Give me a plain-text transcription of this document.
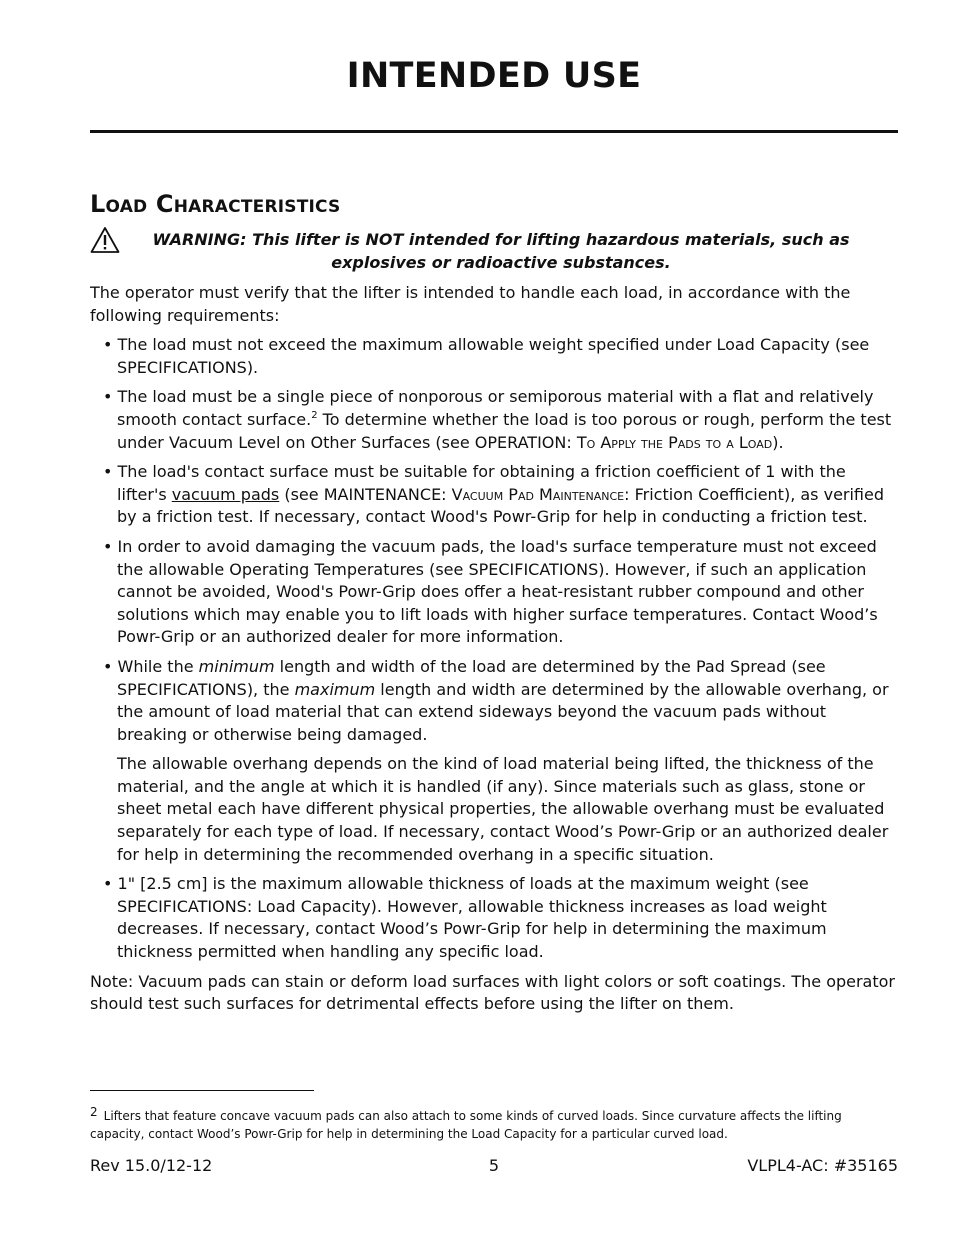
INTENDED USE
Load Characteristics
WARNING: This lifter is NOT intended for lifting hazardous materials, such as explosives or radioactive substances.

The operator must verify that the lifter is intended to handle each load, in accordance with the following requirements:

• The load must not exceed the maximum allowable weight specified under Load Capacity (see SPECIFICATIONS).

• The load must be a single piece of nonporous or semiporous material with a flat and relatively smooth contact surface.$^2$ To determine whether the load is too porous or rough, perform the test under Vacuum Level on Other Surfaces (see OPERATION: To Apply the Pads to a Load).

• The load's contact surface must be suitable for obtaining a friction coefficient of 1 with the lifter's vacuum pads (see MAINTENANCE: Vacuum Pad Maintenance: Friction Coefficient), as verified by a friction test. If necessary, contact Wood's Powr-Grip for help in conducting a friction test.

• In order to avoid damaging the vacuum pads, the load's surface temperature must not exceed the allowable Operating Temperatures (see SPECIFICATIONS). However, if such an application cannot be avoided, Wood's Powr-Grip does offer a heat-resistant rubber compound and other solutions which may enable you to lift loads with higher surface temperatures. Contact Wood’s Powr-Grip or an authorized dealer for more information.

• While the minimum length and width of the load are determined by the Pad Spread (see SPECIFICATIONS), the maximum length and width are determined by the allowable overhang, or the amount of load material that can extend sideways beyond the vacuum pads without breaking or otherwise being damaged.

The allowable overhang depends on the kind of load material being lifted, the thickness of the material, and the angle at which it is handled (if any). Since materials such as glass, stone or sheet metal each have different physical properties, the allowable overhang must be evaluated separately for each type of load. If necessary, contact Wood’s Powr-Grip or an authorized dealer for help in determining the recommended overhang in a specific situation.

• 1" [2.5 cm] is the maximum allowable thickness of loads at the maximum weight (see SPECIFICATIONS: Load Capacity). However, allowable thickness increases as load weight decreases. If necessary, contact Wood’s Powr-Grip for help in determining the maximum thickness permitted when handling any specific load.

Note: Vacuum pads can stain or deform load surfaces with light colors or soft coatings. The operator should test such surfaces for detrimental effects before using the lifter on them.

2 Lifters that feature concave vacuum pads can also attach to some kinds of curved loads. Since curvature affects the lifting capacity, contact Wood’s Powr-Grip for help in determining the Load Capacity for a particular curved load.
Rev 15.0/12-12	5	VLPL4-AC: #35165
